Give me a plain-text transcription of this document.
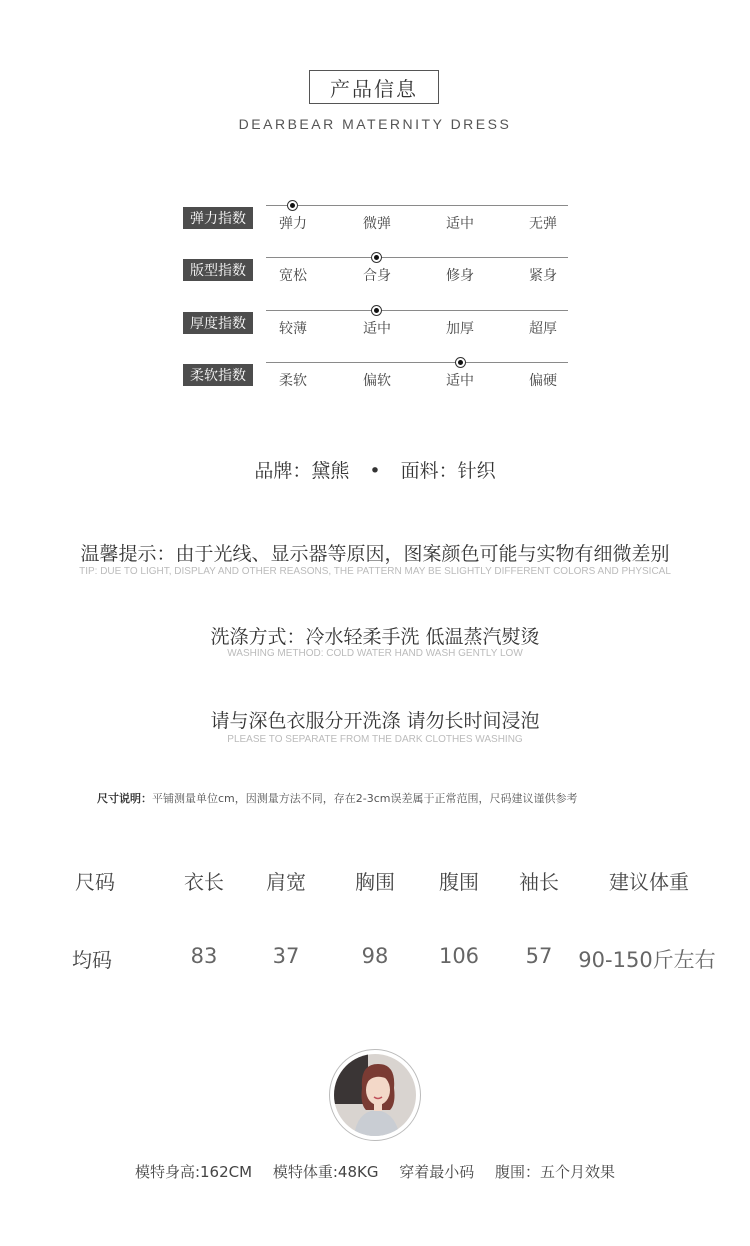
产品信息
DEARBEAR MATERNITY DRESS
弹力指数	弹力	微弹	适中	无弹
版型指数	宽松	合身	修身	紧身
厚度指数	较薄	适中	加厚	超厚
柔软指数	柔软	偏软	适中	偏硬
品牌：黛熊 • 面料：针织
温馨提示：由于光线、显示器等原因，图案颜色可能与实物有细微差别
TIP: DUE TO LIGHT, DISPLAY AND OTHER REASONS, THE PATTERN MAY BE SLIGHTLY DIFFERENT COLORS AND PHYSICAL
洗涤方式：冷水轻柔手洗 低温蒸汽熨烫
WASHING METHOD: COLD WATER HAND WASH GENTLY LOW
请与深色衣服分开洗涤 请勿长时间浸泡
PLEASE TO SEPARATE FROM THE DARK CLOTHES WASHING
尺寸说明：平铺测量单位cm，因测量方法不同，存在2-3cm误差属于正常范围，尺码建议谨供参考
尺码	衣长	肩宽	胸围	腹围	袖长	建议体重
均码	83	37	98	106	57	90-150斤左右
模特身高:162CM 模特体重:48KG 穿着最小码 腹围：五个月效果
